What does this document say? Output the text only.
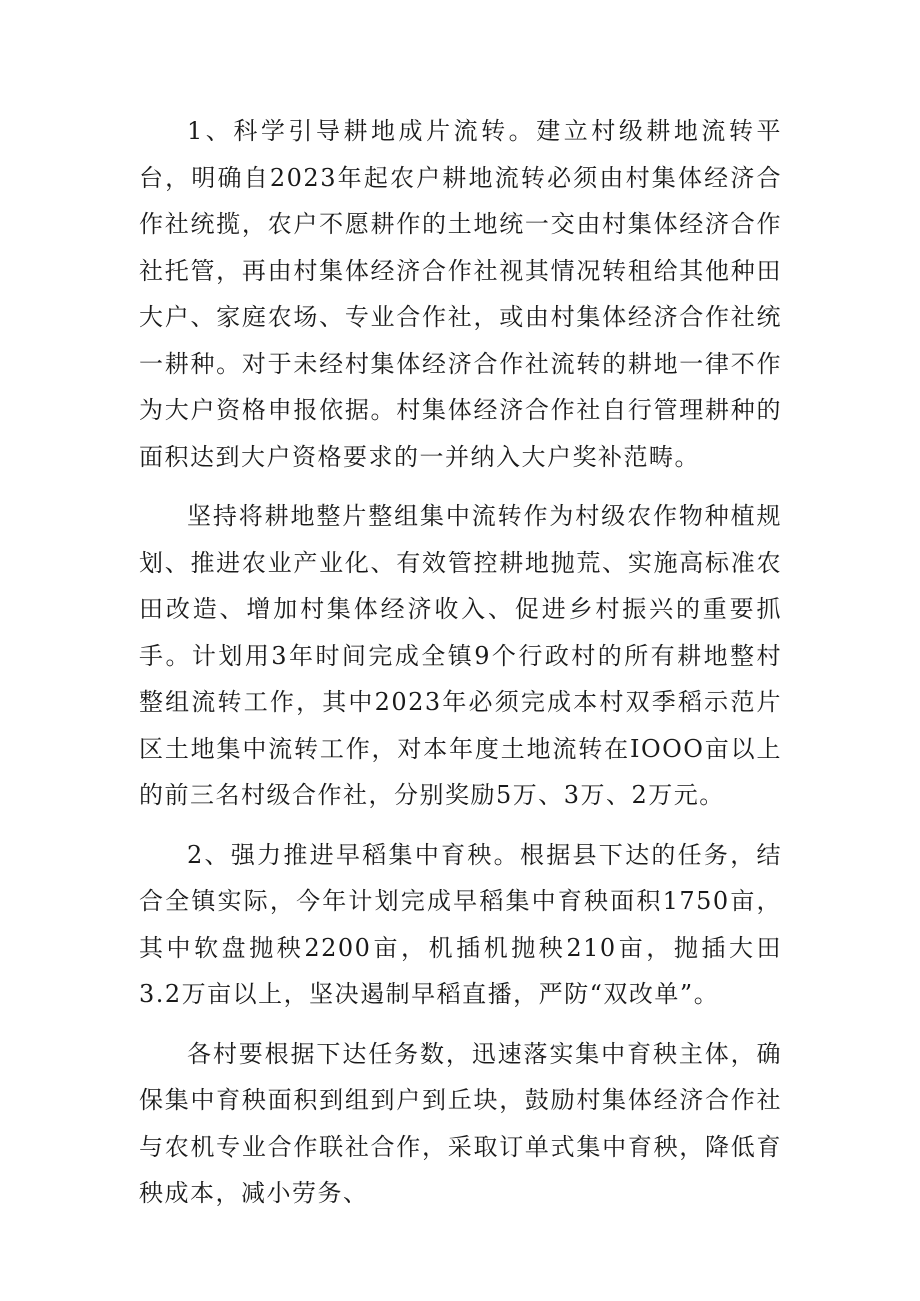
1、科学引导耕地成片流转。建立村级耕地流转平台，明确自2023年起农户耕地流转必须由村集体经济合作社统揽，农户不愿耕作的土地统一交由村集体经济合作社托管，再由村集体经济合作社视其情况转租给其他种田大户、家庭农场、专业合作社，或由村集体经济合作社统一耕种。对于未经村集体经济合作社流转的耕地一律不作为大户资格申报依据。村集体经济合作社自行管理耕种的面积达到大户资格要求的一并纳入大户奖补范畴。

坚持将耕地整片整组集中流转作为村级农作物种植规划、推进农业产业化、有效管控耕地抛荒、实施高标准农田改造、增加村集体经济收入、促进乡村振兴的重要抓手。计划用3年时间完成全镇9个行政村的所有耕地整村整组流转工作，其中2023年必须完成本村双季稻示范片区土地集中流转工作，对本年度土地流转在IOOO亩以上的前三名村级合作社，分别奖励5万、3万、2万元。

2、强力推进早稻集中育秧。根据县下达的任务，结合全镇实际，今年计划完成早稻集中育秧面积1750亩，其中软盘抛秧2200亩，机插机抛秧210亩，抛插大田3.2万亩以上，坚决遏制早稻直播，严防“双改单”。

各村要根据下达任务数，迅速落实集中育秧主体，确保集中育秧面积到组到户到丘块，鼓励村集体经济合作社与农机专业合作联社合作，采取订单式集中育秧，降低育秧成本，减小劳务、
